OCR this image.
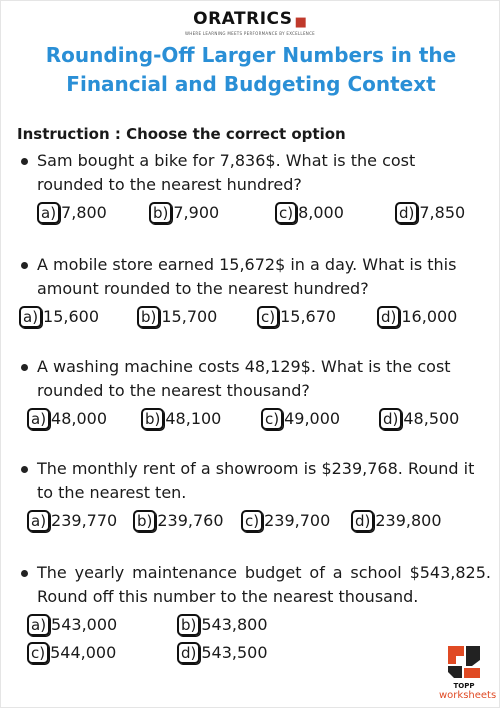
ORATRICS ■
WHERE LEARNING MEETS PERFORMANCE BY EXCELLENCE
Rounding-Off Larger Numbers in the
Financial and Budgeting Context
Instruction : Choose the correct option
Sam bought a bike for 7,836$. What is the cost rounded to the nearest hundred?
a) 7,800	b) 7,900	c) 8,000	d) 7,850
A mobile store earned 15,672$ in a day. What is this amount rounded to the nearest hundred?
a) 15,600	b) 15,700	c) 15,670	d) 16,000
A washing machine costs 48,129$. What is the cost rounded to the nearest thousand?
a) 48,000	b) 48,100	c) 49,000	d) 48,500
The monthly rent of a showroom is $239,768. Round it to the nearest ten.
a) 239,770 b) 239,760 c) 239,700 d) 239,800
The yearly maintenance budget of a school $543,825. Round off this number to the nearest thousand.
a) 543,000	b) 543,800
c) 544,000	d) 543,500
TOPP
worksheets
